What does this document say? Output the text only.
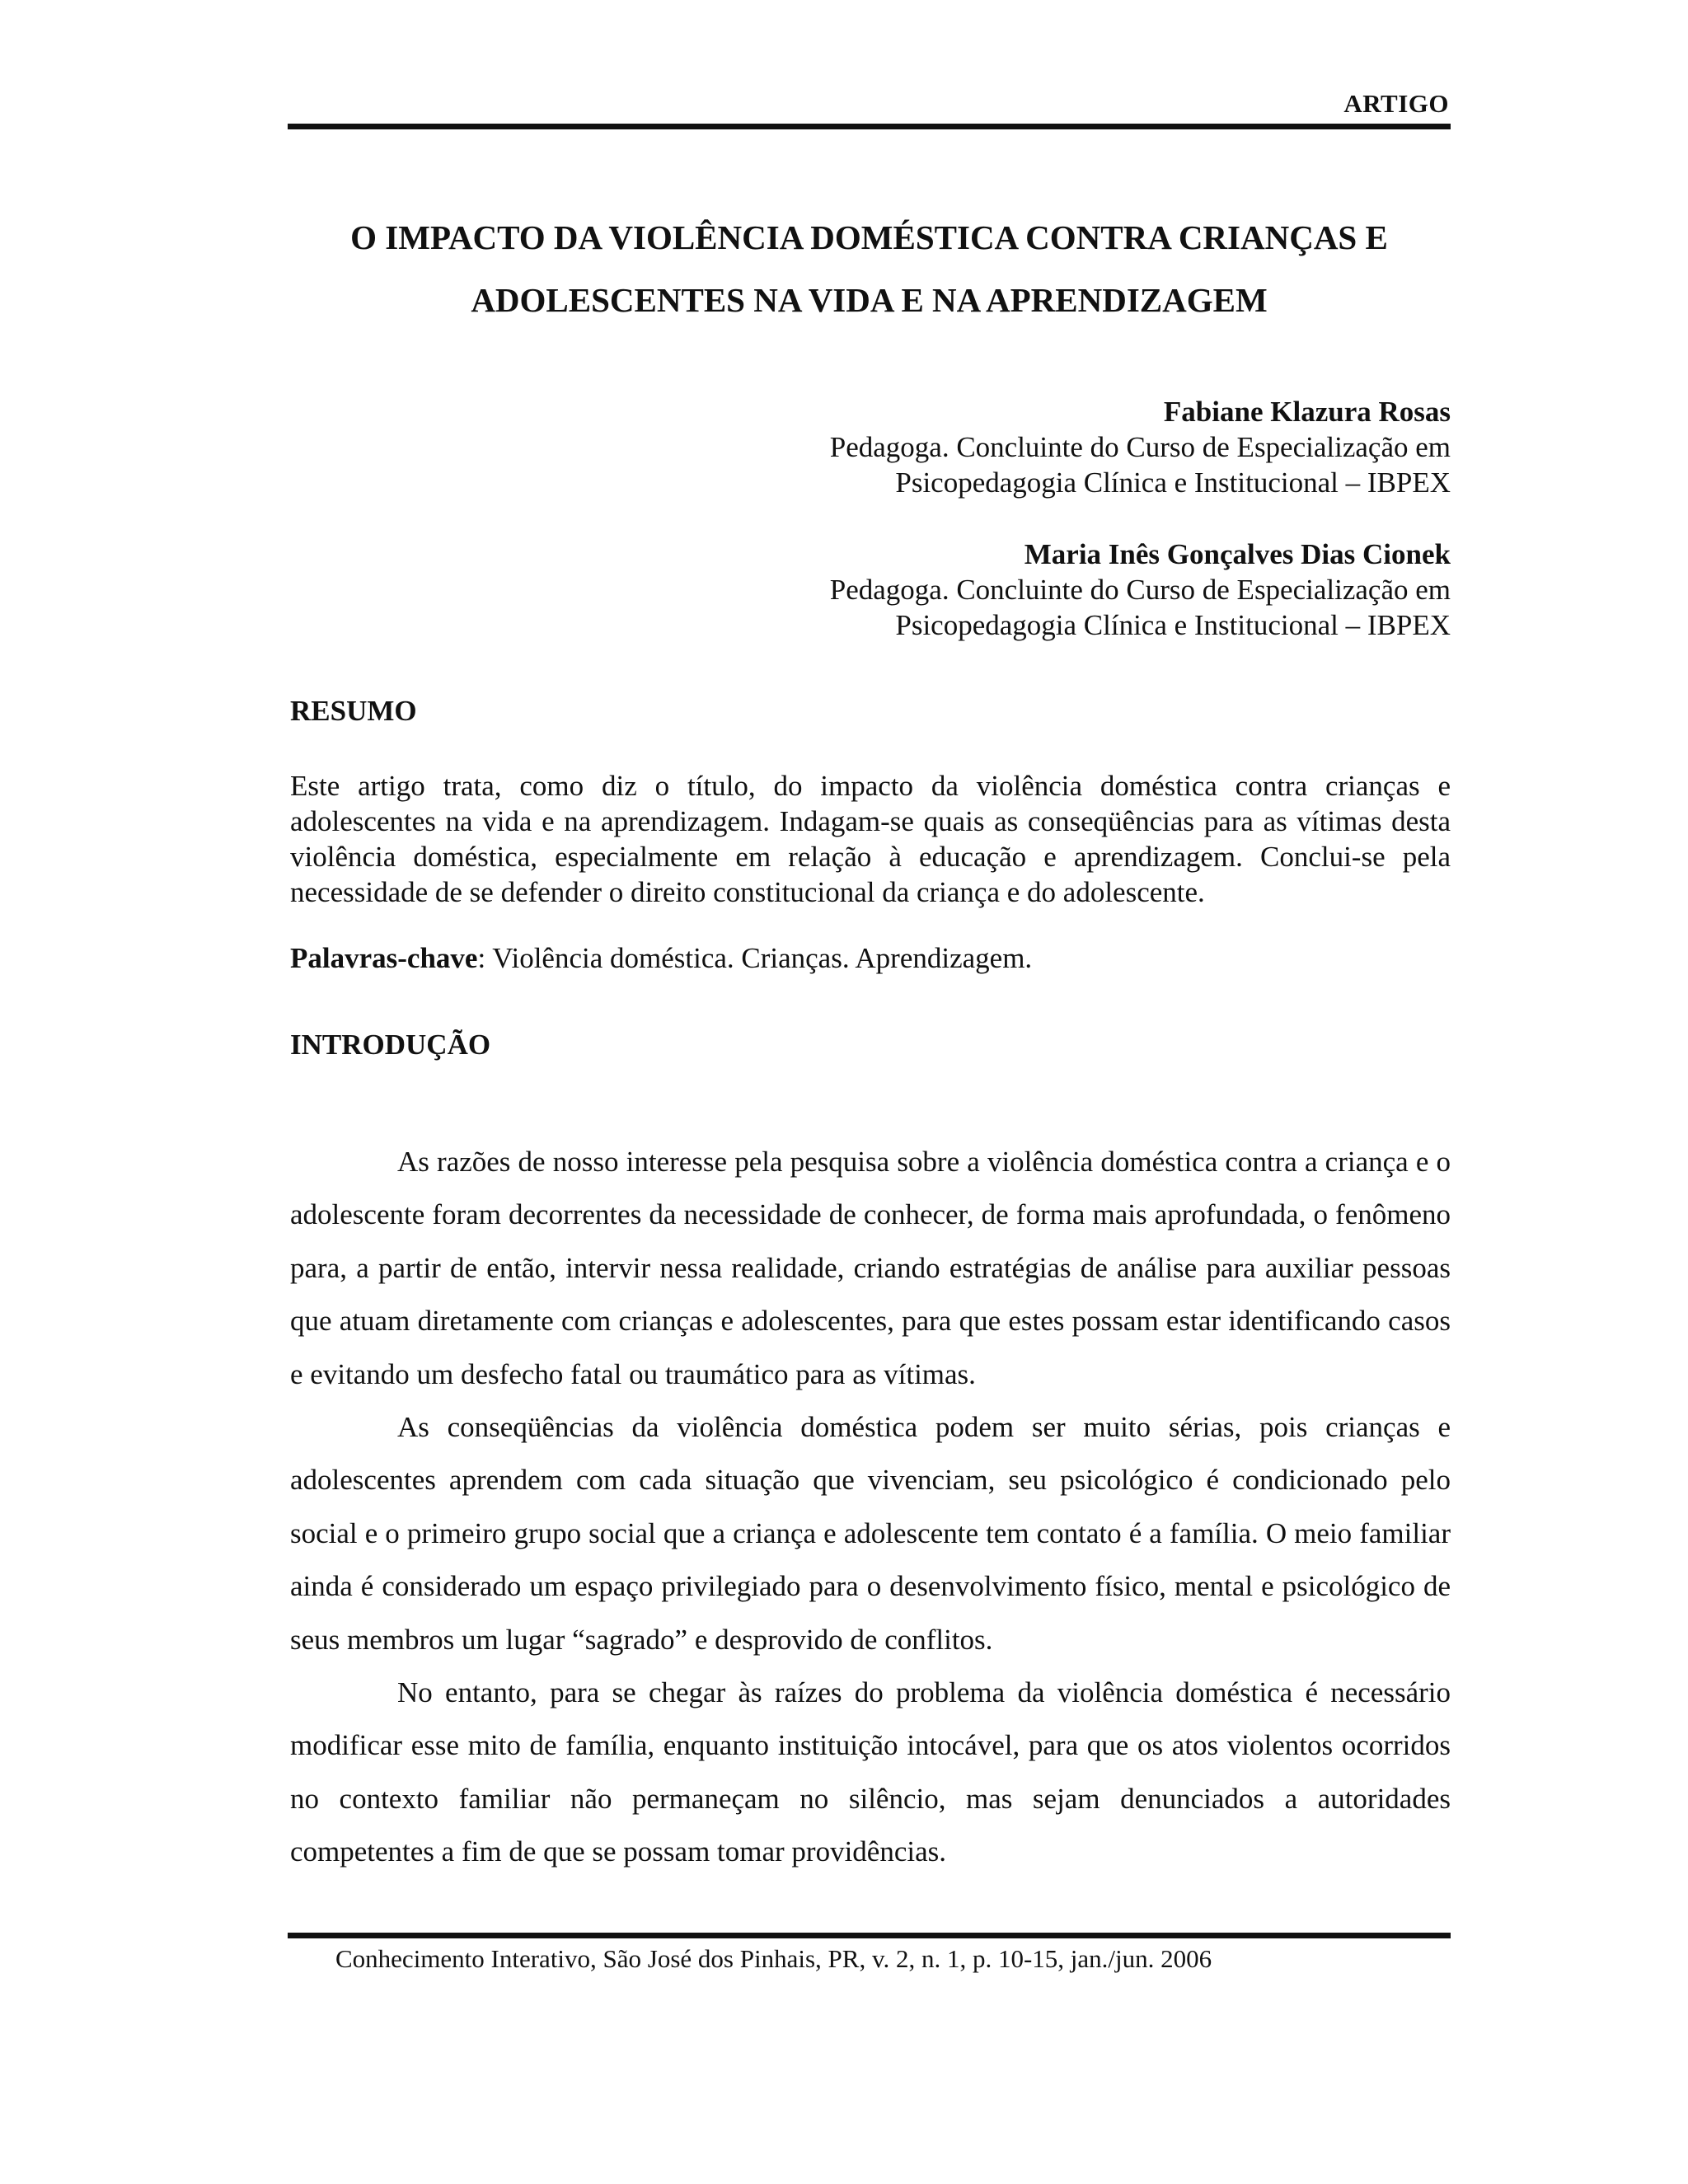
ARTIGO

O IMPACTO DA VIOLÊNCIA DOMÉSTICA CONTRA CRIANÇAS E
ADOLESCENTES NA VIDA E NA APRENDIZAGEM
Fabiane Klazura Rosas
Pedagoga. Concluinte do Curso de Especialização em
Psicopedagogia Clínica e Institucional – IBPEX
Maria Inês Gonçalves Dias Cionek
Pedagoga. Concluinte do Curso de Especialização em
Psicopedagogia Clínica e Institucional – IBPEX
RESUMO

Este artigo trata, como diz o título, do impacto da violência doméstica contra crianças e adolescentes na vida e na aprendizagem. Indagam-se quais as conseqüências para as vítimas desta violência doméstica, especialmente em relação à educação e aprendizagem. Conclui-se pela necessidade de se defender o direito constitucional da criança e do adolescente.

Palavras-chave: Violência doméstica. Crianças. Aprendizagem.

INTRODUÇÃO

As razões de nosso interesse pela pesquisa sobre a violência doméstica contra a criança e o adolescente foram decorrentes da necessidade de conhecer, de forma mais aprofundada, o fenômeno para, a partir de então, intervir nessa realidade, criando estratégias de análise para auxiliar pessoas que atuam diretamente com crianças e adolescentes, para que estes possam estar identificando casos e evitando um desfecho fatal ou traumático para as vítimas.

As conseqüências da violência doméstica podem ser muito sérias, pois crianças e adolescentes aprendem com cada situação que vivenciam, seu psicológico é condicionado pelo social e o primeiro grupo social que a criança e adolescente tem contato é a família. O meio familiar ainda é considerado um espaço privilegiado para o desenvolvimento físico, mental e psicológico de seus membros um lugar “sagrado” e desprovido de conflitos.

No entanto, para se chegar às raízes do problema da violência doméstica é necessário modificar esse mito de família, enquanto instituição intocável, para que os atos violentos ocorridos no contexto familiar não permaneçam no silêncio, mas sejam denunciados a autoridades competentes a fim de que se possam tomar providências.

Conhecimento Interativo, São José dos Pinhais, PR, v. 2, n. 1, p. 10-15, jan./jun. 2006
